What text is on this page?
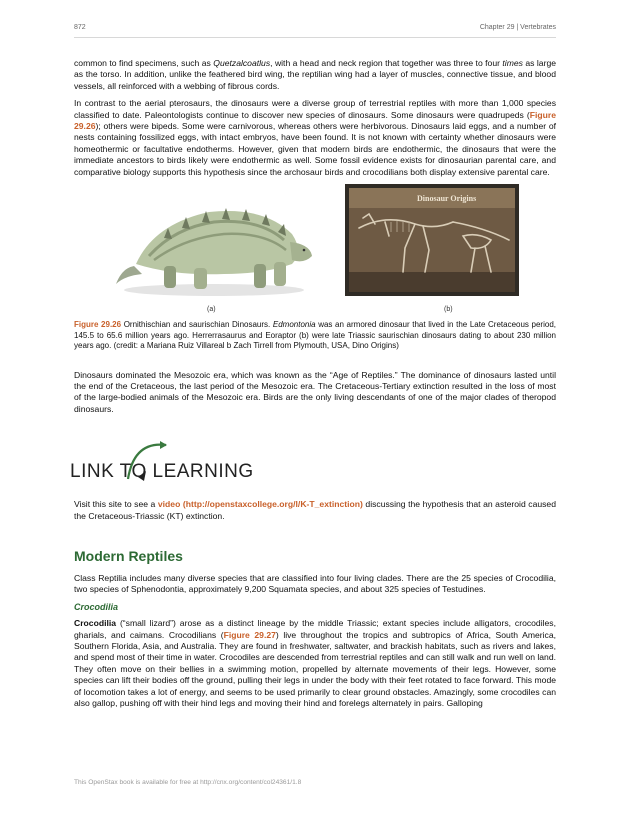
872	Chapter 29 | Vertebrates

common to find specimens, such as Quetzalcoatlus, with a head and neck region that together was three to four times as large as the torso. In addition, unlike the feathered bird wing, the reptilian wing had a layer of muscles, connective tissue, and blood vessels, all reinforced with a webbing of fibrous cords.

In contrast to the aerial pterosaurs, the dinosaurs were a diverse group of terrestrial reptiles with more than 1,000 species classified to date. Paleontologists continue to discover new species of dinosaurs. Some dinosaurs were quadrupeds (Figure 29.26); others were bipeds. Some were carnivorous, whereas others were herbivorous. Dinosaurs laid eggs, and a number of nests containing fossilized eggs, with intact embryos, have been found. It is not known with certainty whether dinosaurs were homeothermic or facultative endotherms. However, given that modern birds are endothermic, the dinosaurs that were the immediate ancestors to birds likely were endothermic as well. Some fossil evidence exists for dinosaurian parental care, and comparative biology supports this hypothesis since the archosaur birds and crocodilians both display extensive parental care.

Dinosaur Origins
(a)	(b)
Figure 29.26 Ornithischian and saurischian Dinosaurs. Edmontonia was an armored dinosaur that lived in the Late Cretaceous period, 145.5 to 65.6 million years ago. Herrerrasaurus and Eoraptor (b) were late Triassic saurischian dinosaurs dating to about 230 million years ago. (credit: a Mariana Ruiz Villareal b Zach Tirrell from Plymouth, USA, Dino Origins)

Dinosaurs dominated the Mesozoic era, which was known as the “Age of Reptiles.” The dominance of dinosaurs lasted until the end of the Cretaceous, the last period of the Mesozoic era. The Cretaceous-Tertiary extinction resulted in the loss of most of the large-bodied animals of the Mesozoic era. Birds are the only living descendants of one of the major clades of theropod dinosaurs.

LINK TO LEARNING

Visit this site to see a video (http://openstaxcollege.org/l/K-T_extinction) discussing the hypothesis that an asteroid caused the Cretaceous-Triassic (KT) extinction.

Modern Reptiles

Class Reptilia includes many diverse species that are classified into four living clades. There are the 25 species of Crocodilia, two species of Sphenodontia, approximately 9,200 Squamata species, and about 325 species of Testudines.

Crocodilia

Crocodilia (“small lizard”) arose as a distinct lineage by the middle Triassic; extant species include alligators, crocodiles, gharials, and caimans. Crocodilians (Figure 29.27) live throughout the tropics and subtropics of Africa, South America, Southern Florida, Asia, and Australia. They are found in freshwater, saltwater, and brackish habitats, such as rivers and lakes, and spend most of their time in water. Crocodiles are descended from terrestrial reptiles and can still walk and run well on land. They often move on their bellies in a swimming motion, propelled by alternate movements of their legs. However, some species can lift their bodies off the ground, pulling their legs in under the body with their feet rotated to face forward. This mode of locomotion takes a lot of energy, and seems to be used primarily to clear ground obstacles. Amazingly, some crocodiles can also gallop, pushing off with their hind legs and moving their hind and forelegs alternately in pairs. Galloping

This OpenStax book is available for free at http://cnx.org/content/col24361/1.8
